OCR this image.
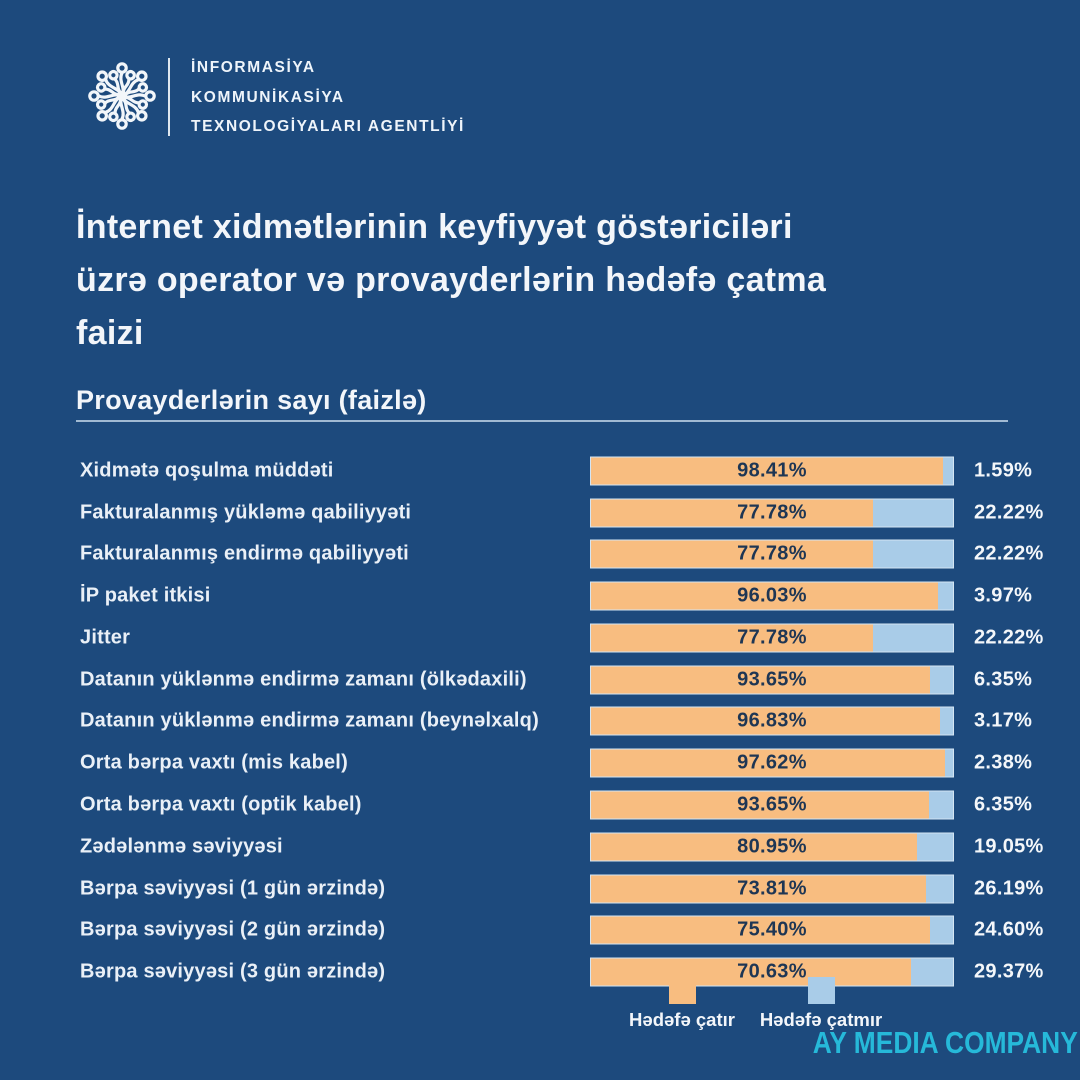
İNFORMASİYA
KOMMUNİKASİYA
TEXNOLOGİYALARI AGENTLİYİ
İnternet xidmətlərinin keyfiyyət göstəriciləri
üzrə operator və provayderlərin hədəfə çatma
faizi
Provayderlərin sayı (faizlə)
Xidmətə qoşulma müddəti	98.41%	1.59%
Fakturalanmış yükləmə qabiliyyəti	77.78%	22.22%
Fakturalanmış endirmə qabiliyyəti	77.78%	22.22%
İP paket itkisi	96.03%	3.97%
Jitter	77.78%	22.22%
Datanın yüklənmə endirmə zamanı (ölkədaxili)	93.65%	6.35%
Datanın yüklənmə endirmə zamanı (beynəlxalq)	96.83%	3.17%
Orta bərpa vaxtı (mis kabel)	97.62%	2.38%
Orta bərpa vaxtı (optik kabel)	93.65%	6.35%
Zədələnmə səviyyəsi	80.95%	19.05%
Bərpa səviyyəsi (1 gün ərzində)	73.81%	26.19%
Bərpa səviyyəsi (2 gün ərzində)	75.40%	24.60%
Bərpa səviyyəsi (3 gün ərzində)	70.63%	29.37%
Hədəfə çatır Hədəfə çatmır
AY MEDIA COMPANY
